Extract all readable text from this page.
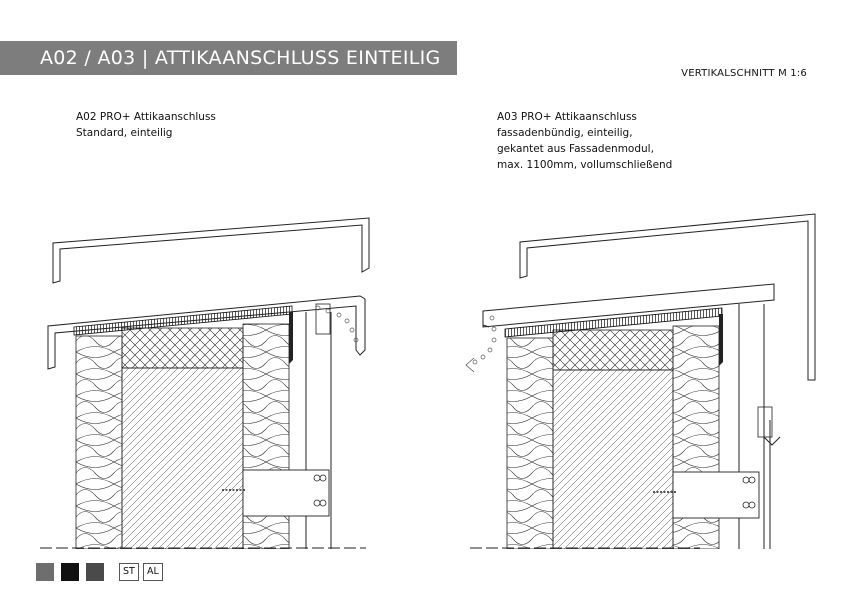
A02 / A03 | ATTIKAANSCHLUSS EINTEILIG
VERTIKALSCHNITT M 1:6
A02 PRO+ Attikaanschluss
Standard, einteilig
A03 PRO+ Attikaanschluss
fassadenbündig, einteilig,
gekantet aus Fassadenmodul,
max. 1100mm, vollumschließend
ST	AL
